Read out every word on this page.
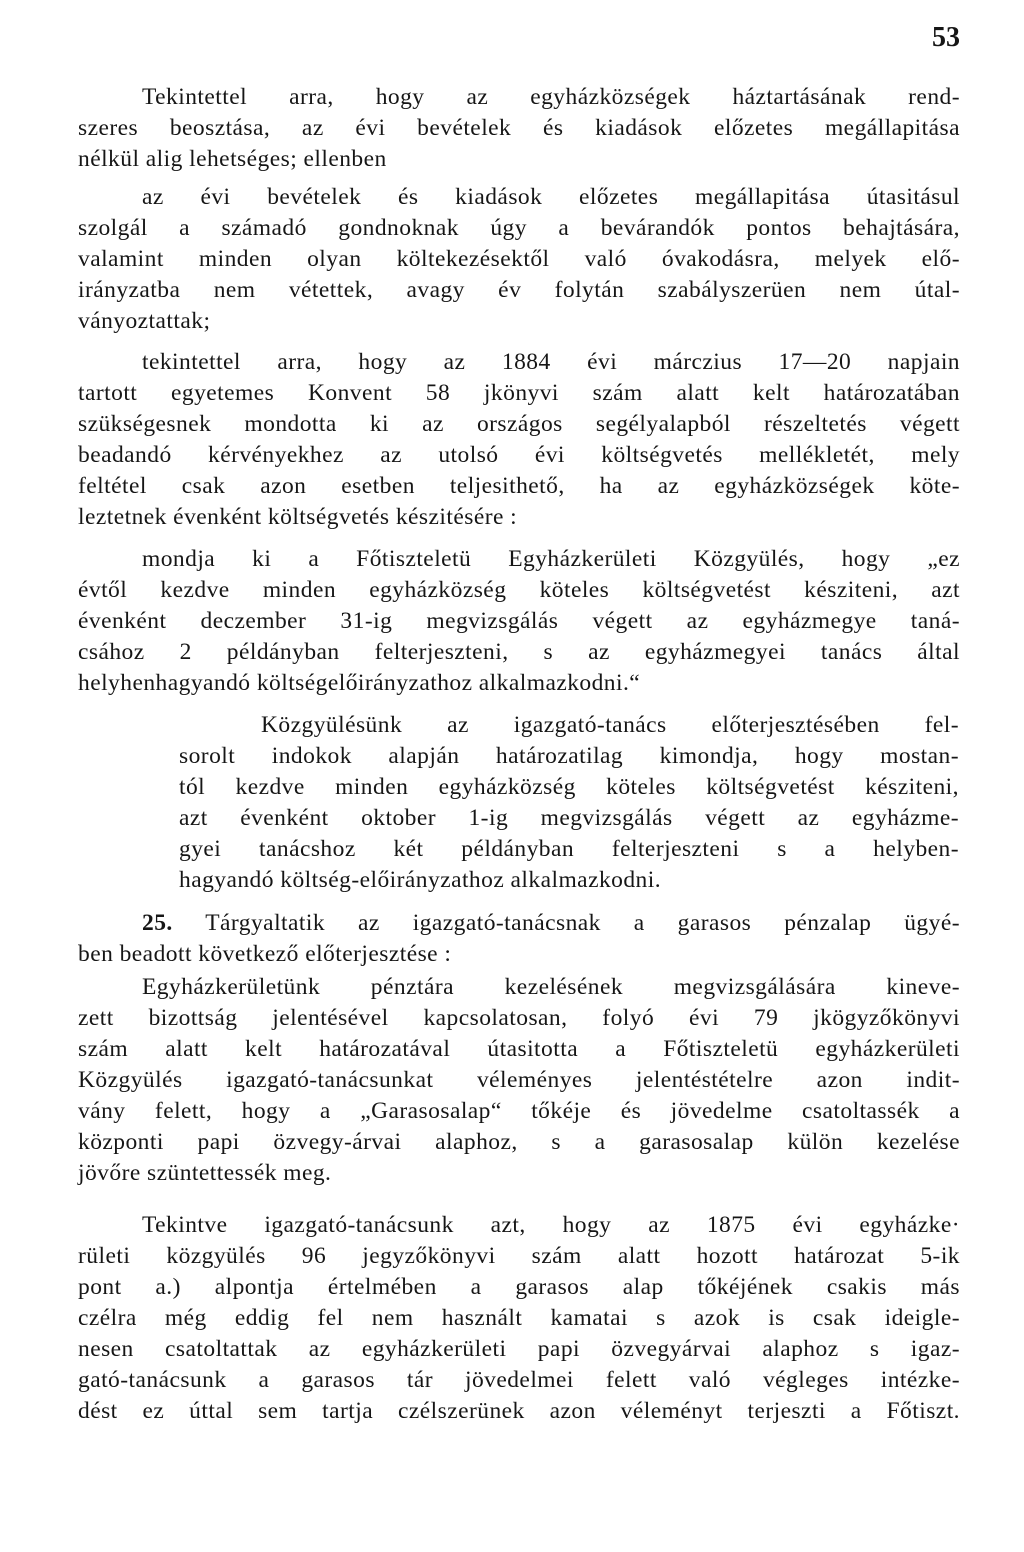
53
Tekintettel arra, hogy az egyházközségek háztartásának rend-
szeres beosztása, az évi bevételek és kiadások előzetes megállapitása
nélkül alig lehetséges; ellenben
az évi bevételek és kiadások előzetes megállapitása útasitásul
szolgál a számadó gondnoknak úgy a bevárandók pontos behajtására,
valamint minden olyan költekezésektől való óvakodásra, melyek elő-
irányzatba nem vétettek, avagy év folytán szabályszerüen nem útal-
ványoztattak;
tekintettel arra, hogy az 1884 évi márczius 17—20 napjain
tartott egyetemes Konvent 58 jkönyvi szám alatt kelt határozatában
szükségesnek mondotta ki az országos segélyalapból részeltetés végett
beadandó kérvényekhez az utolsó évi költségvetés mellékletét, mely
feltétel csak azon esetben teljesithető, ha az egyházközségek köte-
leztetnek évenként költségvetés készitésére :
mondja ki a Főtiszteletü Egyházkerületi Közgyülés, hogy „ez
évtől kezdve minden egyházközség köteles költségvetést késziteni, azt
évenként deczember 31-ig megvizsgálás végett az egyházmegye taná-
csához 2 példányban felterjeszteni, s az egyházmegyei tanács által
helyhenhagyandó költségelőirányzathoz alkalmazkodni.“
Közgyülésünk az igazgató-tanács előterjesztésében fel-
sorolt indokok alapján határozatilag kimondja, hogy mostan-
tól kezdve minden egyházközség köteles költségvetést késziteni,
azt évenként oktober 1-ig megvizsgálás végett az egyházme-
gyei tanácshoz két példányban felterjeszteni s a helyben-
hagyandó költség-előirányzathoz alkalmazkodni.
25. Tárgyaltatik az igazgató-tanácsnak a garasos pénzalap ügyé-
ben beadott következő előterjesztése :
Egyházkerületünk pénztára kezelésének megvizsgálására kineve-
zett bizottság jelentésével kapcsolatosan, folyó évi 79 jkögyzőkönyvi
szám alatt kelt határozatával útasitotta a Főtiszteletü egyházkerületi
Közgyülés igazgató-tanácsunkat véleményes jelentéstételre azon indit-
vány felett, hogy a „Garasosalap“ tőkéje és jövedelme csatoltassék a
központi papi özvegy-árvai alaphoz, s a garasosalap külön kezelése
jövőre szüntettessék meg.
Tekintve igazgató-tanácsunk azt, hogy az 1875 évi egyházke·
rületi közgyülés 96 jegyzőkönyvi szám alatt hozott határozat 5-ik
pont a.) alpontja értelmében a garasos alap tőkéjének csakis más
czélra még eddig fel nem használt kamatai s azok is csak ideigle-
nesen csatoltattak az egyházkerületi papi özvegyárvai alaphoz s igaz-
gató-tanácsunk a garasos tár jövedelmei felett való végleges intézke-
dést ez úttal sem tartja czélszerünek azon véleményt terjeszti a Főtiszt.
